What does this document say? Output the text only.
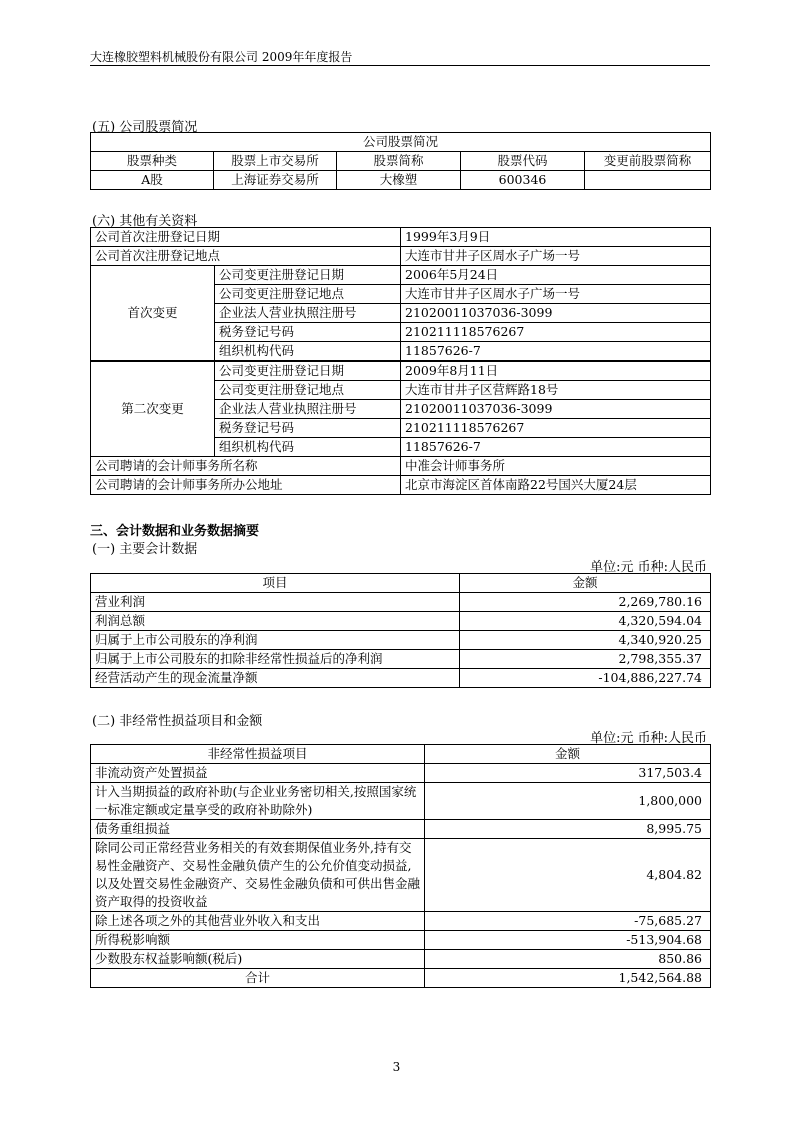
大连橡胶塑料机械股份有限公司 2009年年度报告
(五) 公司股票简况
公司股票简况				
股票种类	股票上市交易所	股票简称	股票代码	变更前股票简称
A股	上海证券交易所	大橡塑	600346	
(六) 其他有关资料
公司首次注册登记日期		1999年3月9日
公司首次注册登记地点		大连市甘井子区周水子广场一号
首次变更	公司变更注册登记日期	2006年5月24日
	公司变更注册登记地点	大连市甘井子区周水子广场一号
	企业法人营业执照注册号	2102001103703​6-3099
	税务登记号码	210211118576267
	组织机构代码	11857626-7
第二次变更	公司变更注册登记日期	2009年8月11日
	公司变更注册登记地点	大连市甘井子区营辉路18号
	企业法人营业执照注册号	21020011037036-3099
	税务登记号码	210211118576267
	组织机构代码	11857626-7
公司聘请的会计师事务所名称		中准会计师事务所
公司聘请的会计师事务所办公地址		北京市海淀区首体南路22号国兴大厦24层
三、会计数据和业务数据摘要
(一) 主要会计数据
单位:元 币种:人民币
项目	金额
营业利润	2,269,780.16
利润总额	4,320,594.04
归属于上市公司股东的净利润	4,340,920.25
归属于上市公司股东的扣除非经常性损益后的净利润	2,798,355.37
经营活动产生的现金流量净额	-104,886,227.74
(二) 非经常性损益项目和金额
单位:元 币种:人民币
非经常性损益项目	金额
非流动资产处置损益	317,503.4
计入当期损益的政府补助(与企业业务密切相关,按照国家统一标准定额或定量享受的政府补助除外)	1,800,000
债务重组损益	8,995.75
除同公司正常经营业务相关的有效套期保值业务外,持有交易性金融资产、交易性金融负债产生的公允价值变动损益,以及处置交易性金融资产、交易性金融负债和可供出售金融资产取得的投资收益	4,804.82
除上述各项之外的其他营业外收入和支出	-75,685.27
所得税影响额	-513,904.68
少数股东权益影响额(税后)	850.86
合计	1,542,564.88
3
